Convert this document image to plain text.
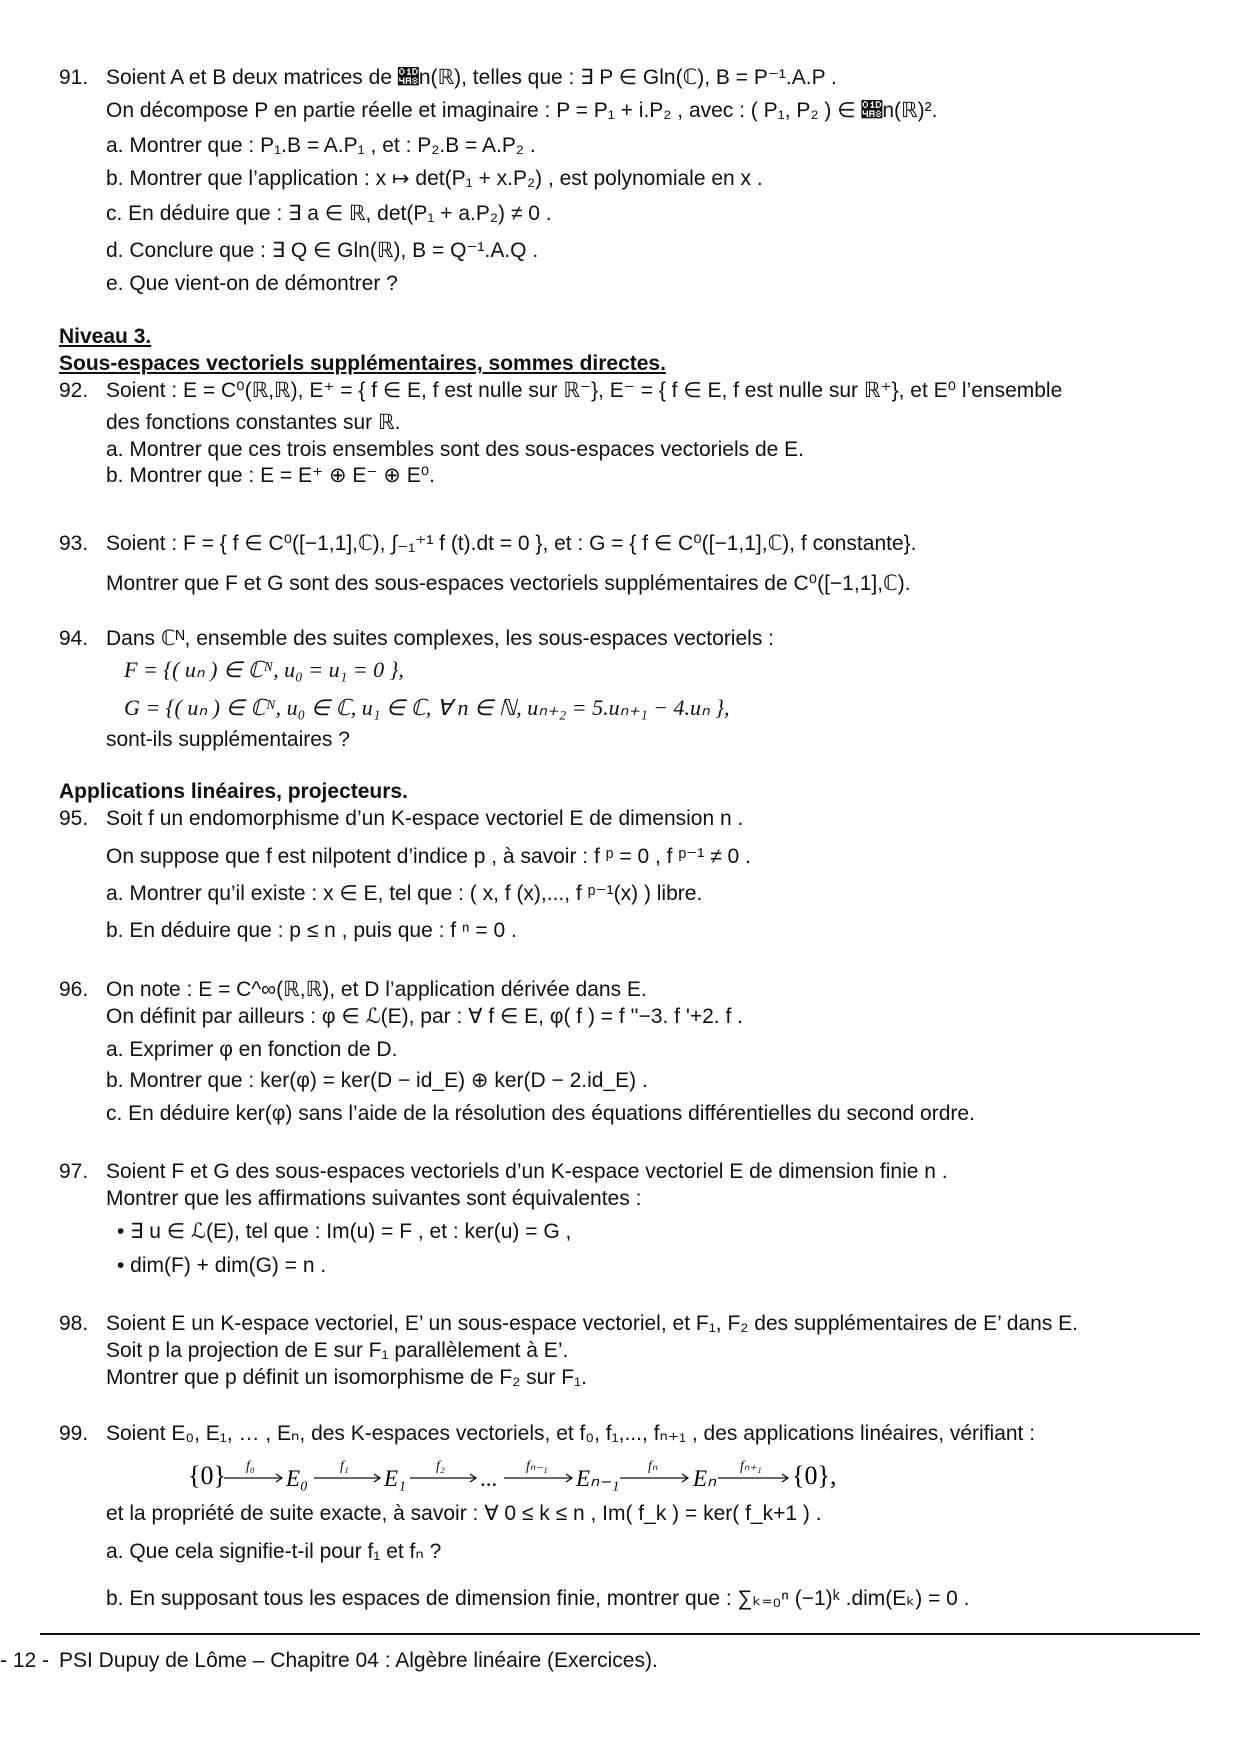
91. Soient A et B deux matrices de 𝒨n(ℝ), telles que : ∃ P ∈ Gln(ℂ), B = P⁻¹.A.P .
On décompose P en partie réelle et imaginaire : P = P₁ + i.P₂ , avec : ( P₁, P₂ ) ∈ 𝒨n(ℝ)².
a. Montrer que : P₁.B = A.P₁ , et : P₂.B = A.P₂ .
b. Montrer que l’application : x ↦ det(P₁ + x.P₂) , est polynomiale en x .
c. En déduire que : ∃ a ∈ ℝ, det(P₁ + a.P₂) ≠ 0 .
d. Conclure que : ∃ Q ∈ Gln(ℝ), B = Q⁻¹.A.Q .
e. Que vient-on de démontrer ?
Niveau 3.
Sous-espaces vectoriels supplémentaires, sommes directes.
92. Soient : E = C⁰(ℝ,ℝ), E⁺ = { f ∈ E, f est nulle sur ℝ⁻}, E⁻ = { f ∈ E, f est nulle sur ℝ⁺}, et E⁰ l’ensemble
des fonctions constantes sur ℝ.
a. Montrer que ces trois ensembles sont des sous-espaces vectoriels de E.
b. Montrer que : E = E⁺ ⊕ E⁻ ⊕ E⁰.
93. Soient : F = { f ∈ C⁰([−1,1],ℂ), ∫₋₁⁺¹ f (t).dt = 0 }, et : G = { f ∈ C⁰([−1,1],ℂ), f constante}.
Montrer que F et G sont des sous-espaces vectoriels supplémentaires de C⁰([−1,1],ℂ).
94. Dans ℂᴺ, ensemble des suites complexes, les sous-espaces vectoriels :
F = {( uₙ ) ∈ ℂᴺ, u₀ = u₁ = 0 },
G = {( uₙ ) ∈ ℂᴺ, u₀ ∈ ℂ, u₁ ∈ ℂ, ∀ n ∈ ℕ, uₙ₊₂ = 5.uₙ₊₁ − 4.uₙ },
sont-ils supplémentaires ?
Applications linéaires, projecteurs.
95. Soit f un endomorphisme d’un K-espace vectoriel E de dimension n .
On suppose que f est nilpotent d’indice p , à savoir : f ᵖ = 0 , f ᵖ⁻¹ ≠ 0 .
a. Montrer qu’il existe : x ∈ E, tel que : ( x, f (x),..., f ᵖ⁻¹(x) ) libre.
b. En déduire que : p ≤ n , puis que : f ⁿ = 0 .
96. On note : E = C^∞(ℝ,ℝ), et D l’application dérivée dans E.
On définit par ailleurs : φ ∈ ℒ(E), par : ∀ f ∈ E, φ( f ) = f ''−3. f '+2. f .
a. Exprimer φ en fonction de D.
b. Montrer que : ker(φ) = ker(D − id_E) ⊕ ker(D − 2.id_E) .
c. En déduire ker(φ) sans l’aide de la résolution des équations différentielles du second ordre.
97. Soient F et G des sous-espaces vectoriels d’un K-espace vectoriel E de dimension finie n .
Montrer que les affirmations suivantes sont équivalentes :
• ∃ u ∈ ℒ(E), tel que : Im(u) = F , et : ker(u) = G ,
• dim(F) + dim(G) = n .
98. Soient E un K-espace vectoriel, E’ un sous-espace vectoriel, et F₁, F₂ des supplémentaires de E’ dans E.
Soit p la projection de E sur F₁ parallèlement à E’.
Montrer que p définit un isomorphisme de F₂ sur F₁.
99. Soient E₀, E₁, … , Eₙ, des K-espaces vectoriels, et f₀, f₁,..., fₙ₊₁ , des applications linéaires, vérifiant :
{0}	E₀	E₁	...	Eₙ₋₁	Eₙ	{0},
f₀	f₁	f₂	fₙ₋₁	fₙ	fₙ₊₁
et la propriété de suite exacte, à savoir : ∀ 0 ≤ k ≤ n , Im( f_k ) = ker( f_k+1 ) .
a. Que cela signifie-t-il pour f₁ et fₙ ?
b. En supposant tous les espaces de dimension finie, montrer que : ∑ₖ₌₀ⁿ (−1)ᵏ .dim(Eₖ) = 0 .
PSI Dupuy de Lôme – Chapitre 04 : Algèbre linéaire (Exercices).
- 12 -
